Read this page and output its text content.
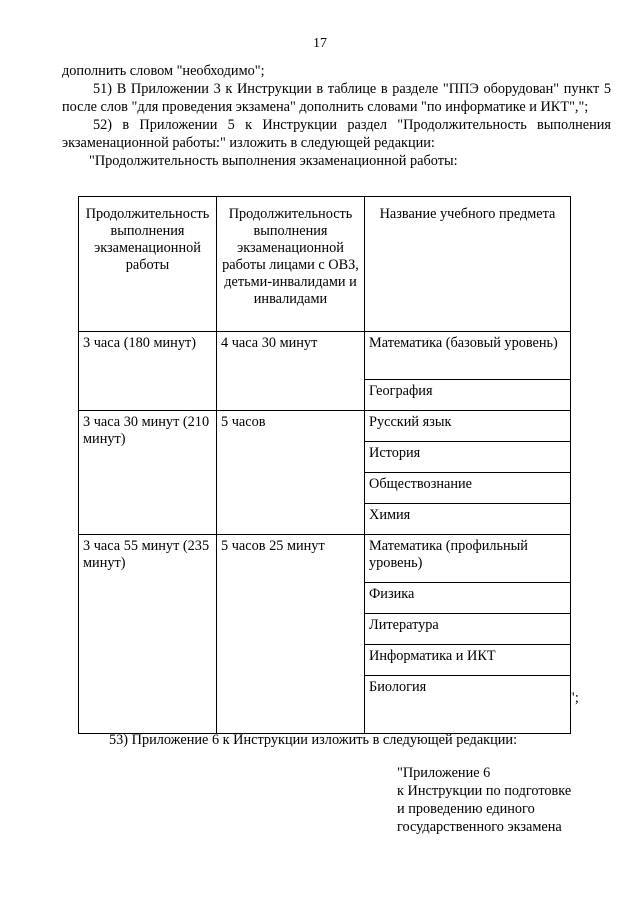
17

дополнить словом "необходимо";

51) В Приложении 3 к Инструкции в таблице в разделе "ППЭ оборудован" пункт 5 после слов "для проведения экзамена" дополнить словами "по информатике и ИКТ",";

52) в Приложении 5 к Инструкции раздел "Продолжительность выполнения экзаменационной работы:" изложить в следующей редакции:

"Продолжительность выполнения экзаменационной работы:

Продолжительность выполнения экзаменационной работы	Продолжительность выполнения экзаменационной работы лицами с ОВЗ, детьми-инвалидами и инвалидами	Название учебного предмета
3 часа (180 минут)	4 часа 30 минут	Математика (базовый уровень)
		География
3 часа 30 минут (210 минут)	5 часов	Русский язык
		История
		Обществознание
		Химия
3 часа 55 минут (235 минут)	5 часов 25 минут	Математика (профильный уровень)
		Физика
		Литература
		Информатика и ИКТ
		Биология
";
53) Приложение 6 к Инструкции изложить в следующей редакции:
"Приложение 6
к Инструкции по подготовке
и проведению единого
государственного экзамена
